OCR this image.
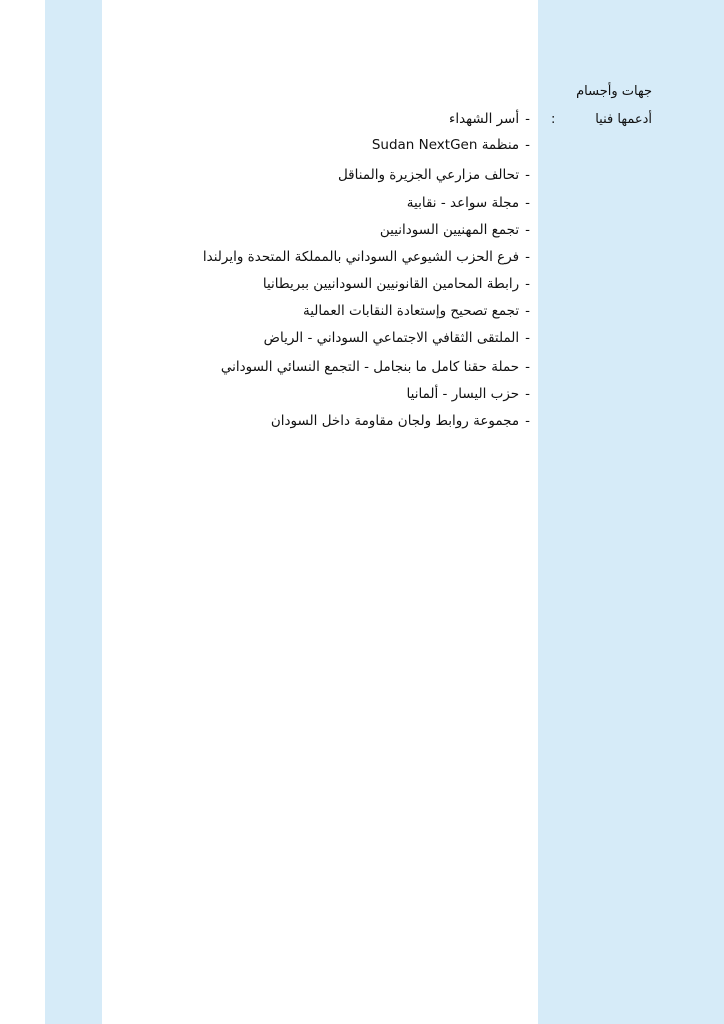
جهات وأجسام
أدعمها فنيا
:
-أسر الشهداء
-منظمة Sudan NextGen
-تحالف مزارعي الجزيرة والمناقل
-مجلة سواعد - نقابية
-تجمع المهنيين السودانيين
-فرع الحزب الشيوعي السوداني بالمملكة المتحدة وايرلندا
-رابطة المحامين القانونيين السودانيين ببريطانيا
-تجمع تصحيح وإستعادة النقابات العمالية
-الملتقى الثقافي الاجتماعي السوداني - الرياض
-حملة حقنا كامل ما بنجامل - التجمع النسائي السوداني
-حزب اليسار - ألمانيا
-مجموعة روابط ولجان مقاومة داخل السودان
